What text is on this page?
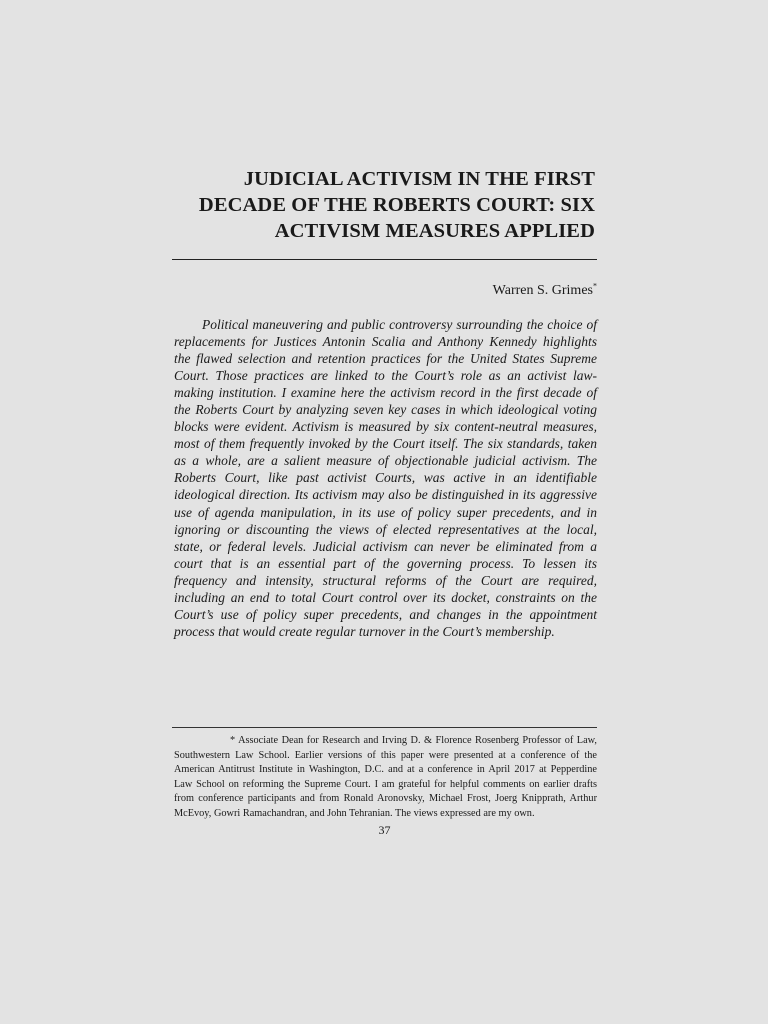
JUDICIAL ACTIVISM IN THE FIRST
DECADE OF THE ROBERTS COURT: SIX
ACTIVISM MEASURES APPLIED
Warren S. Grimes*
Political maneuvering and public controversy surrounding the choice of
replacements for Justices Antonin Scalia and Anthony Kennedy highlights
the flawed selection and retention practices for the United States Supreme
Court. Those practices are linked to the Court’s role as an activist law-
making institution. I examine here the activism record in the first decade of
the Roberts Court by analyzing seven key cases in which ideological voting
blocks were evident. Activism is measured by six content-neutral measures,
most of them frequently invoked by the Court itself. The six standards, taken
as a whole, are a salient measure of objectionable judicial activism. The
Roberts Court, like past activist Courts, was active in an identifiable
ideological direction. Its activism may also be distinguished in its aggressive
use of agenda manipulation, in its use of policy super precedents, and in
ignoring or discounting the views of elected representatives at the local,
state, or federal levels. Judicial activism can never be eliminated from a
court that is an essential part of the governing process. To lessen its
frequency and intensity, structural reforms of the Court are required,
including an end to total Court control over its docket, constraints on the
Court’s use of policy super precedents, and changes in the appointment
process that would create regular turnover in the Court’s membership.
* Associate Dean for Research and Irving D. & Florence Rosenberg Professor of Law,
Southwestern Law School. Earlier versions of this paper were presented at a conference of the
American Antitrust Institute in Washington, D.C. and at a conference in April 2017 at Pepperdine
Law School on reforming the Supreme Court. I am grateful for helpful comments on earlier drafts
from conference participants and from Ronald Aronovsky, Michael Frost, Joerg Knipprath, Arthur
McEvoy, Gowri Ramachandran, and John Tehranian. The views expressed are my own.
37
